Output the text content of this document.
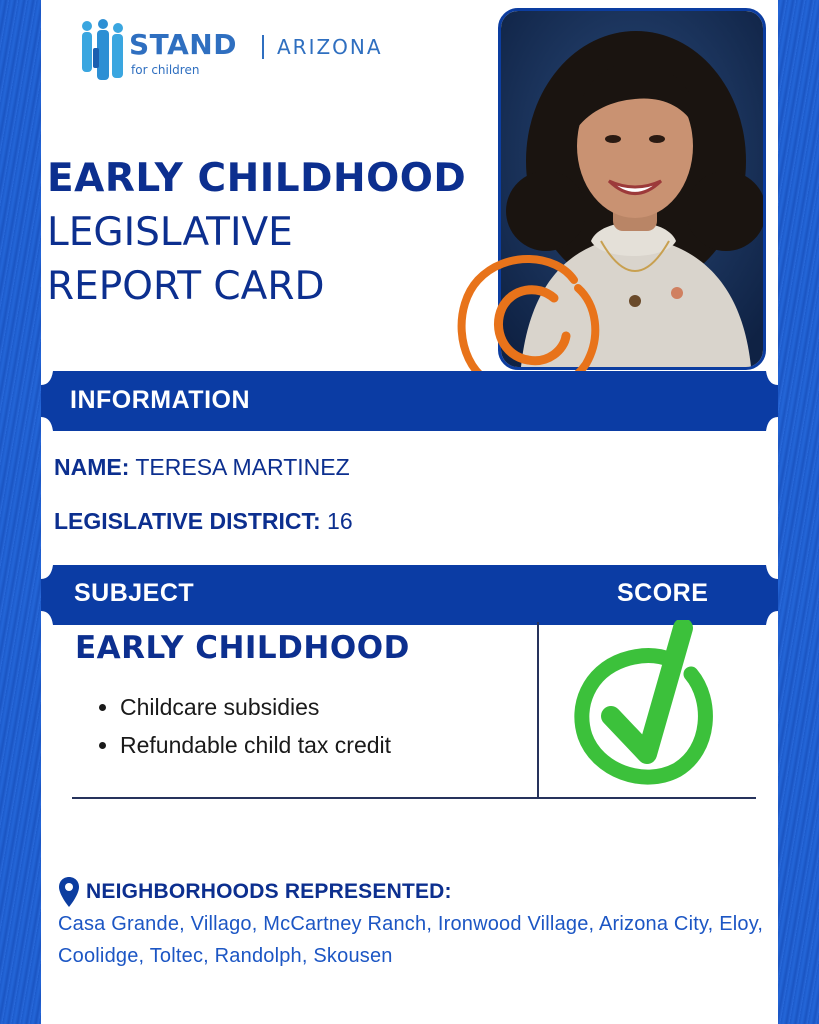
STAND
for children
ARIZONA
EARLY CHILDHOOD
LEGISLATIVE
REPORT CARD
INFORMATION
NAME: TERESA MARTINEZ
LEGISLATIVE DISTRICT: 16
SUBJECT	SCORE
EARLY CHILDHOOD
• Childcare subsidies
• Refundable child tax credit
NEIGHBORHOODS REPRESENTED:
Casa Grande, Villago, McCartney Ranch, Ironwood Village, Arizona City, Eloy, Coolidge, Toltec, Randolph, Skousen
